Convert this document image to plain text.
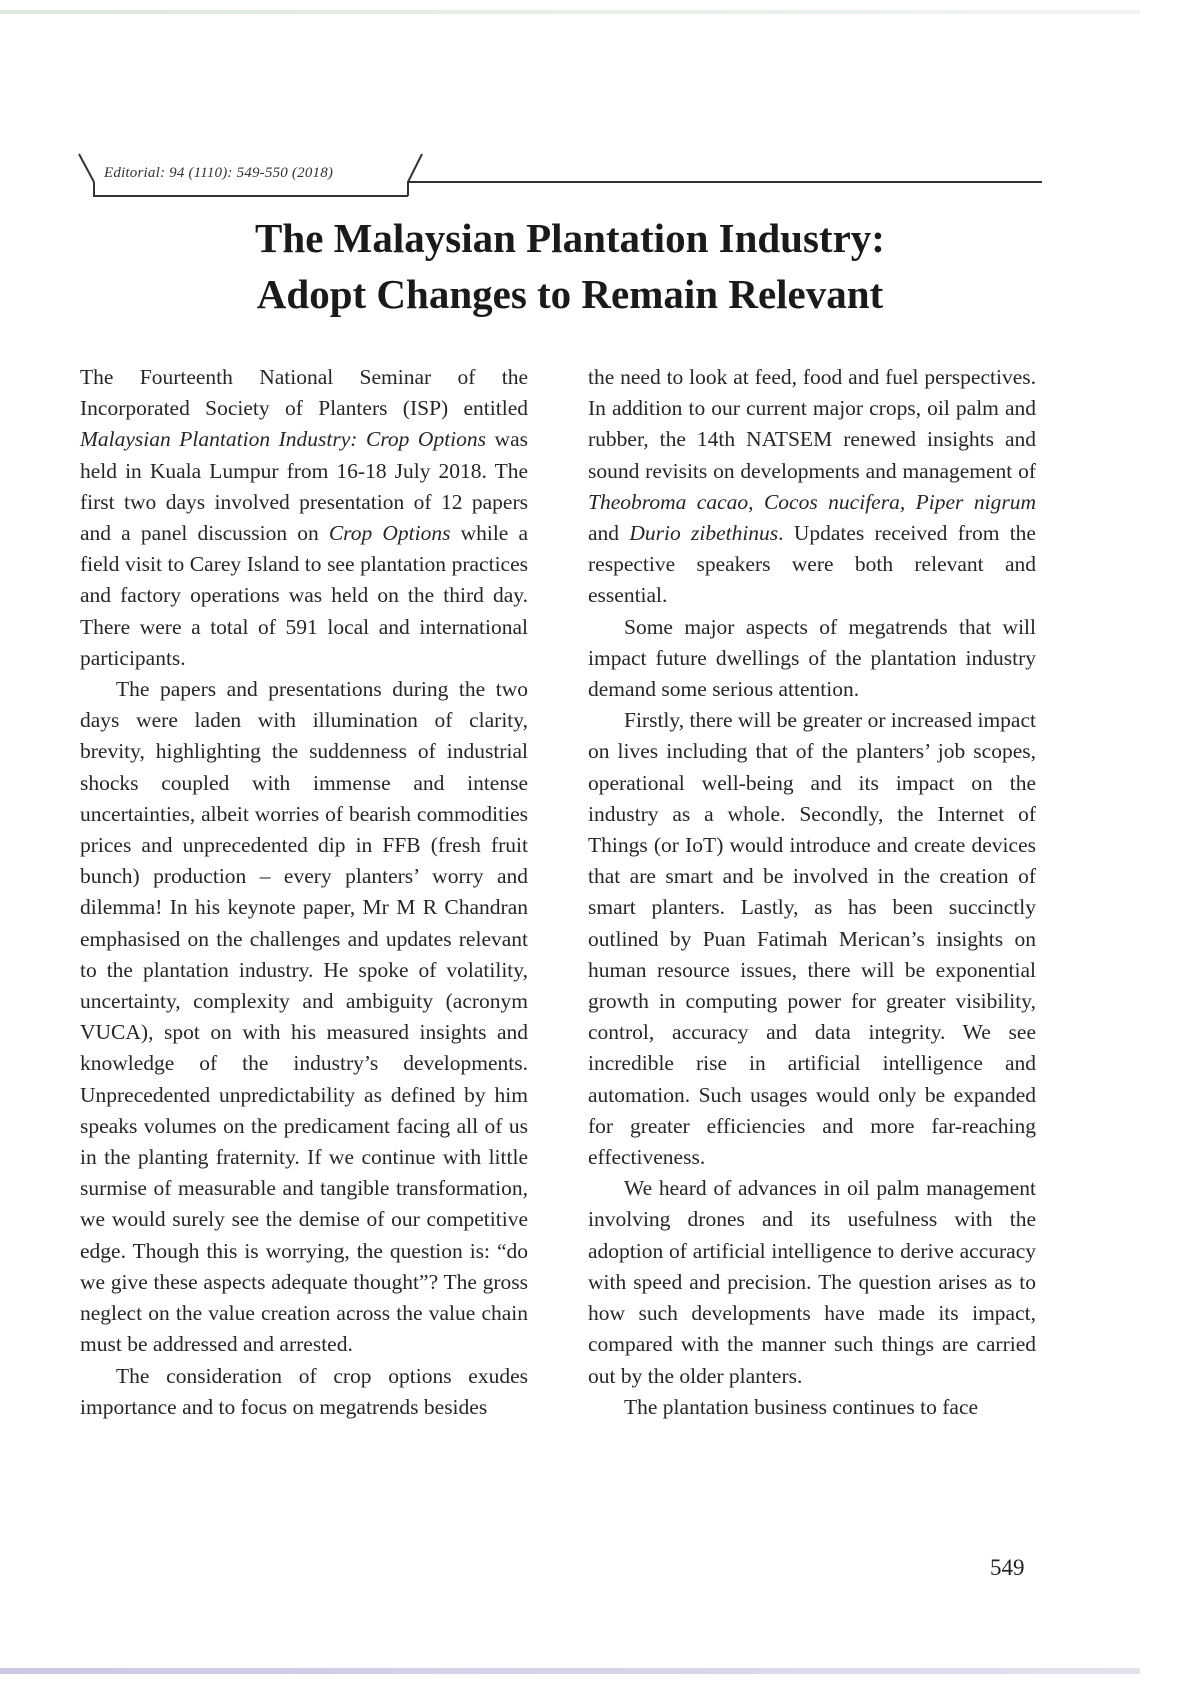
Editorial: 94 (1110): 549-550 (2018)
The Malaysian Plantation Industry:
Adopt Changes to Remain Relevant

The Fourteenth National Seminar of the Incorporated Society of Planters (ISP) entitled Malaysian Plantation Industry: Crop Options was held in Kuala Lumpur from 16-18 July 2018. The first two days involved presentation of 12 papers and a panel discussion on Crop Options while a field visit to Carey Island to see plantation practices and factory operations was held on the third day. There were a total of 591 local and international participants.

The papers and presentations during the two days were laden with illumination of clarity, brevity, highlighting the suddenness of industrial shocks coupled with immense and intense uncertainties, albeit worries of bearish commodities prices and unprecedented dip in FFB (fresh fruit bunch) production – every planters’ worry and dilemma! In his keynote paper, Mr M R Chandran emphasised on the challenges and updates relevant to the plantation industry. He spoke of volatility, uncertainty, complexity and ambiguity (acronym VUCA), spot on with his measured insights and knowledge of the industry’s developments. Unprecedented unpredictability as defined by him speaks volumes on the predicament facing all of us in the planting fraternity. If we continue with little surmise of measurable and tangible transformation, we would surely see the demise of our competitive edge. Though this is worrying, the question is: “do we give these aspects adequate thought”? The gross neglect on the value creation across the value chain must be addressed and arrested.

The consideration of crop options exudes importance and to focus on megatrends besides

the need to look at feed, food and fuel perspectives. In addition to our current major crops, oil palm and rubber, the 14th NATSEM renewed insights and sound revisits on developments and management of Theobroma cacao, Cocos nucifera, Piper nigrum and Durio zibethinus. Updates received from the respective speakers were both relevant and essential.

Some major aspects of megatrends that will impact future dwellings of the plantation industry demand some serious attention.

Firstly, there will be greater or increased impact on lives including that of the planters’ job scopes, operational well-being and its impact on the industry as a whole. Secondly, the Internet of Things (or IoT) would introduce and create devices that are smart and be involved in the creation of smart planters. Lastly, as has been succinctly outlined by Puan Fatimah Merican’s insights on human resource issues, there will be exponential growth in computing power for greater visibility, control, accuracy and data integrity. We see incredible rise in artificial intelligence and automation. Such usages would only be expanded for greater efficiencies and more far-reaching effectiveness.

We heard of advances in oil palm management involving drones and its usefulness with the adoption of artificial intelligence to derive accuracy with speed and precision. The question arises as to how such developments have made its impact, compared with the manner such things are carried out by the older planters.

The plantation business continues to face

549
